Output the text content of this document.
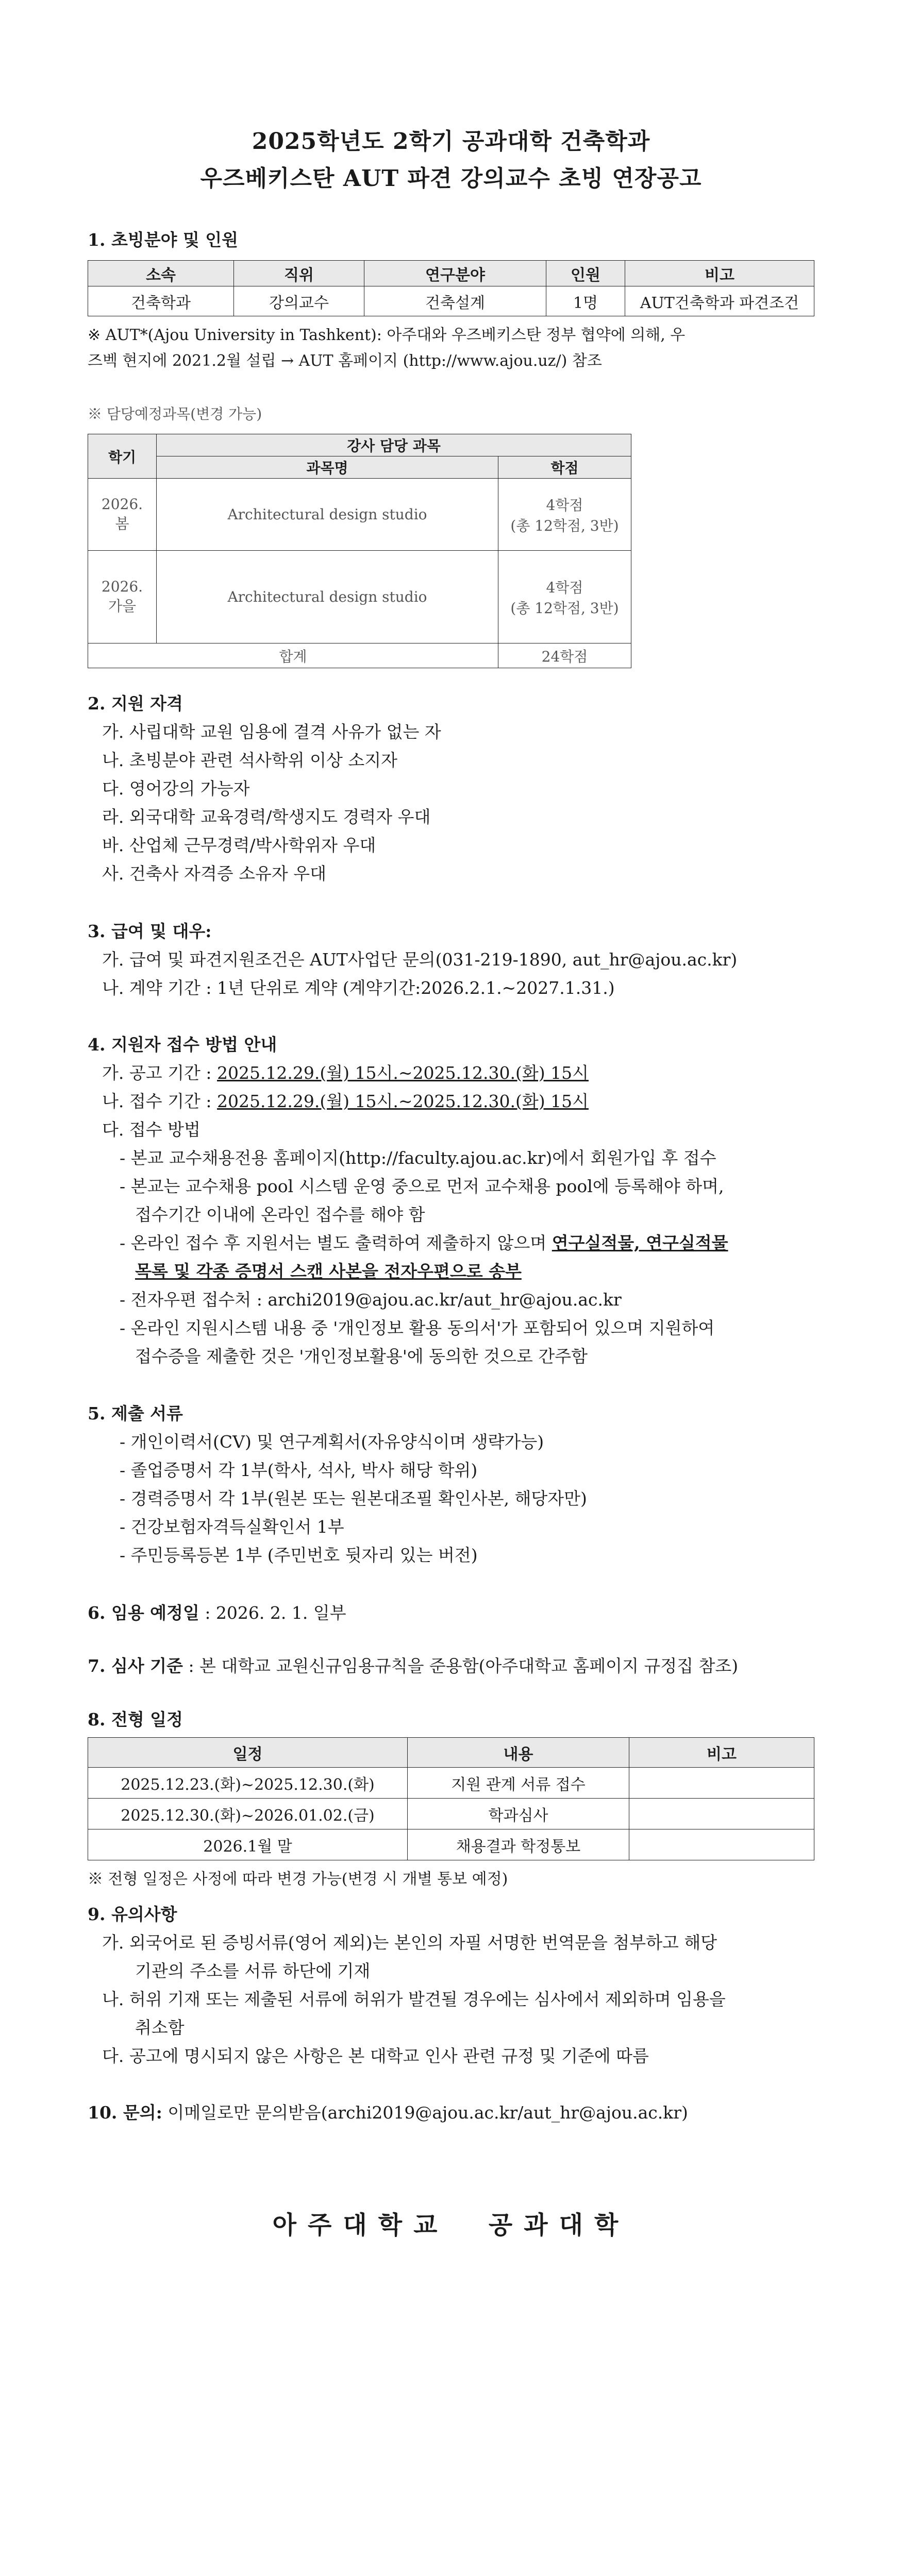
2025학년도 2학기 공과대학 건축학과
우즈베키스탄 AUT 파견 강의교수 초빙 연장공고
1. 초빙분야 및 인원
소속	직위	연구분야	인원	비고
건축학과	강의교수	건축설계	1명	AUT건축학과 파견조건
※ AUT*(Ajou University in Tashkent): 아주대와 우즈베키스탄 정부 협약에 의해, 우
즈벡 현지에 2021.2월 설립 → AUT 홈페이지 (http://www.ajou.uz/) 참조
※ 담당예정과목(변경 가능)
학기	강사 담당 과목	
	과목명	학점
2026.
봄	Architectural design studio	4학점
(총 12학점, 3반)
2026.
가을	Architectural design studio	4학점
(총 12학점, 3반)
합계		24학점
2. 지원 자격
가. 사립대학 교원 임용에 결격 사유가 없는 자
나. 초빙분야 관련 석사학위 이상 소지자
다. 영어강의 가능자
라. 외국대학 교육경력/학생지도 경력자 우대
바. 산업체 근무경력/박사학위자 우대
사. 건축사 자격증 소유자 우대
3. 급여 및 대우:
가. 급여 및 파견지원조건은 AUT사업단 문의(031-219-1890, aut_hr@ajou.ac.kr)
나. 계약 기간 : 1년 단위로 계약 (계약기간:2026.2.1.~2027.1.31.)
4. 지원자 접수 방법 안내
가. 공고 기간 : 2025.12.29.(월) 15시.~2025.12.30.(화) 15시
나. 접수 기간 : 2025.12.29.(월) 15시.~2025.12.30.(화) 15시
다. 접수 방법
- 본교 교수채용전용 홈페이지(http://faculty.ajou.ac.kr)에서 회원가입 후 접수
- 본교는 교수채용 pool 시스템 운영 중으로 먼저 교수채용 pool에 등록해야 하며,
접수기간 이내에 온라인 접수를 해야 함
- 온라인 접수 후 지원서는 별도 출력하여 제출하지 않으며 연구실적물, 연구실적물
목록 및 각종 증명서 스캔 사본을 전자우편으로 송부
- 전자우편 접수처 : archi2019@ajou.ac.kr/aut_hr@ajou.ac.kr
- 온라인 지원시스템 내용 중 '개인정보 활용 동의서'가 포함되어 있으며 지원하여
접수증을 제출한 것은 '개인정보활용'에 동의한 것으로 간주함
5. 제출 서류
- 개인이력서(CV) 및 연구계획서(자유양식이며 생략가능)
- 졸업증명서 각 1부(학사, 석사, 박사 해당 학위)
- 경력증명서 각 1부(원본 또는 원본대조필 확인사본, 해당자만)
- 건강보험자격득실확인서 1부
- 주민등록등본 1부 (주민번호 뒷자리 있는 버전)
6. 임용 예정일 : 2026. 2. 1. 일부
7. 심사 기준 : 본 대학교 교원신규임용규칙을 준용함(아주대학교 홈페이지 규정집 참조)
8. 전형 일정
일정	내용	비고
2025.12.23.(화)~2025.12.30.(화)	지원 관계 서류 접수	
2025.12.30.(화)~2026.01.02.(금)	학과심사	
2026.1월 말	채용결과 학정통보	
※ 전형 일정은 사정에 따라 변경 가능(변경 시 개별 통보 예정)
9. 유의사항
가. 외국어로 된 증빙서류(영어 제외)는 본인의 자필 서명한 번역문을 첨부하고 해당
기관의 주소를 서류 하단에 기재
나. 허위 기재 또는 제출된 서류에 허위가 발견될 경우에는 심사에서 제외하며 임용을
취소함
다. 공고에 명시되지 않은 사항은 본 대학교 인사 관련 규정 및 기준에 따름
10. 문의: 이메일로만 문의받음(archi2019@ajou.ac.kr/aut_hr@ajou.ac.kr)
아주대학교  공과대학
